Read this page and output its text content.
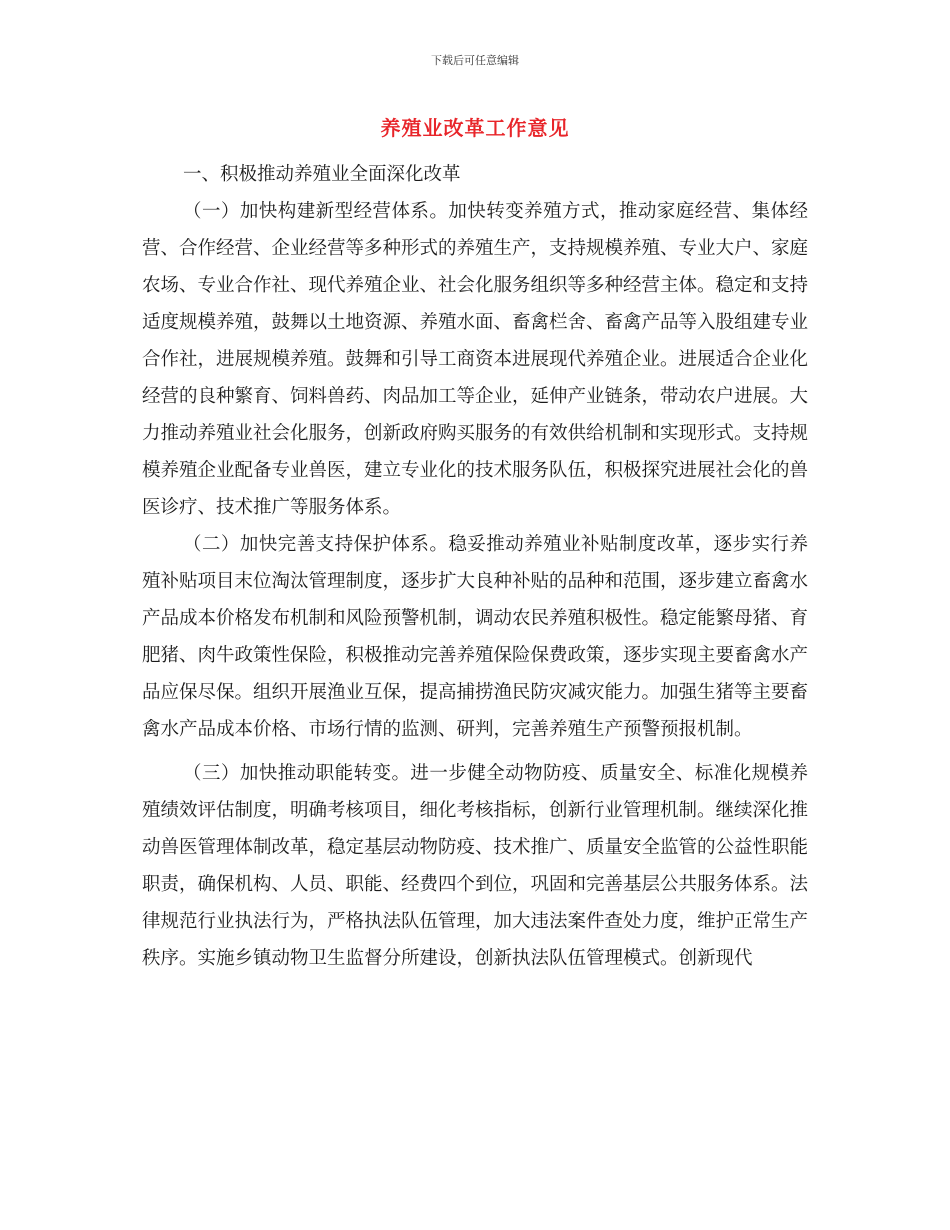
下载后可任意编辑
养殖业改革工作意见

一、积极推动养殖业全面深化改革

（一）加快构建新型经营体系。加快转变养殖方式，推动家庭经营、集体经营、合作经营、企业经营等多种形式的养殖生产，支持规模养殖、专业大户、家庭农场、专业合作社、现代养殖企业、社会化服务组织等多种经营主体。稳定和支持适度规模养殖，鼓舞以土地资源、养殖水面、畜禽栏舍、畜禽产品等入股组建专业合作社，进展规模养殖。鼓舞和引导工商资本进展现代养殖企业。进展适合企业化经营的良种繁育、饲料兽药、肉品加工等企业，延伸产业链条，带动农户进展。大力推动养殖业社会化服务，创新政府购买服务的有效供给机制和实现形式。支持规模养殖企业配备专业兽医，建立专业化的技术服务队伍，积极探究进展社会化的兽医诊疗、技术推广等服务体系。

（二）加快完善支持保护体系。稳妥推动养殖业补贴制度改革，逐步实行养殖补贴项目末位淘汰管理制度，逐步扩大良种补贴的品种和范围，逐步建立畜禽水产品成本价格发布机制和风险预警机制，调动农民养殖积极性。稳定能繁母猪、育肥猪、肉牛政策性保险，积极推动完善养殖保险保费政策，逐步实现主要畜禽水产品应保尽保。组织开展渔业互保，提高捕捞渔民防灾减灾能力。加强生猪等主要畜禽水产品成本价格、市场行情的监测、研判，完善养殖生产预警预报机制。

（三）加快推动职能转变。进一步健全动物防疫、质量安全、标准化规模养殖绩效评估制度，明确考核项目，细化考核指标，创新行业管理机制。继续深化推动兽医管理体制改革，稳定基层动物防疫、技术推广、质量安全监管的公益性职能职责，确保机构、人员、职能、经费四个到位，巩固和完善基层公共服务体系。法律规范行业执法行为，严格执法队伍管理，加大违法案件查处力度，维护正常生产秩序。实施乡镇动物卫生监督分所建设，创新执法队伍管理模式。创新现代
